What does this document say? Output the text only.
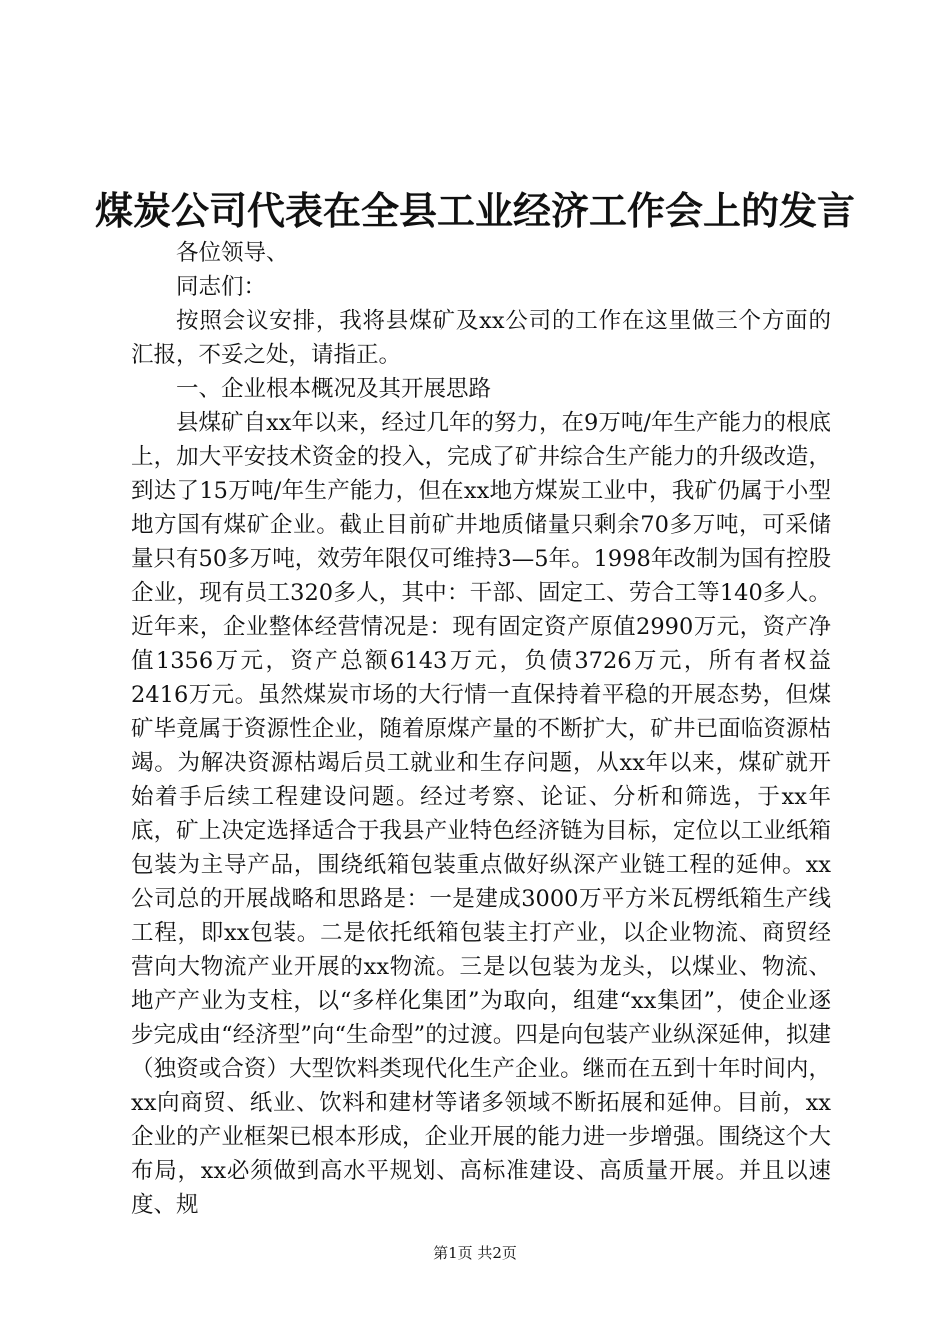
煤炭公司代表在全县工业经济工作会上的发言

各位领导、

同志们：

按照会议安排，我将县煤矿及xx公司的工作在这里做三个方面的汇报，不妥之处，请指正。

一、企业根本概况及其开展思路

县煤矿自xx年以来，经过几年的努力，在9万吨/年生产能力的根底上，加大平安技术资金的投入，完成了矿井综合生产能力的升级改造，到达了15万吨/年生产能力，但在xx地方煤炭工业中，我矿仍属于小型地方国有煤矿企业。截止目前矿井地质储量只剩余70多万吨，可采储量只有50多万吨，效劳年限仅可维持3—5年。1998年改制为国有控股企业，现有员工320多人，其中：干部、固定工、劳合工等140多人。近年来，企业整体经营情况是：现有固定资产原值2990万元，资产净值1356万元，资产总额6143万元，负债3726万元，所有者权益2416万元。虽然煤炭市场的大行情一直保持着平稳的开展态势，但煤矿毕竟属于资源性企业，随着原煤产量的不断扩大，矿井已面临资源枯竭。为解决资源枯竭后员工就业和生存问题，从xx年以来，煤矿就开始着手后续工程建设问题。经过考察、论证、分析和筛选，于xx年底，矿上决定选择适合于我县产业特色经济链为目标，定位以工业纸箱包装为主导产品，围绕纸箱包装重点做好纵深产业链工程的延伸。xx公司总的开展战略和思路是：一是建成3000万平方米瓦楞纸箱生产线工程，即xx包装。二是依托纸箱包装主打产业，以企业物流、商贸经营向大物流产业开展的xx物流。三是以包装为龙头，以煤业、物流、地产产业为支柱，以“多样化集团”为取向，组建“xx集团”，使企业逐步完成由“经济型”向“生命型”的过渡。四是向包装产业纵深延伸，拟建（独资或合资）大型饮料类现代化生产企业。继而在五到十年时间内，xx向商贸、纸业、饮料和建材等诸多领域不断拓展和延伸。目前，xx企业的产业框架已根本形成，企业开展的能力进一步增强。围绕这个大布局，xx必须做到高水平规划、高标准建设、高质量开展。并且以速度、规

第1页 共2页
